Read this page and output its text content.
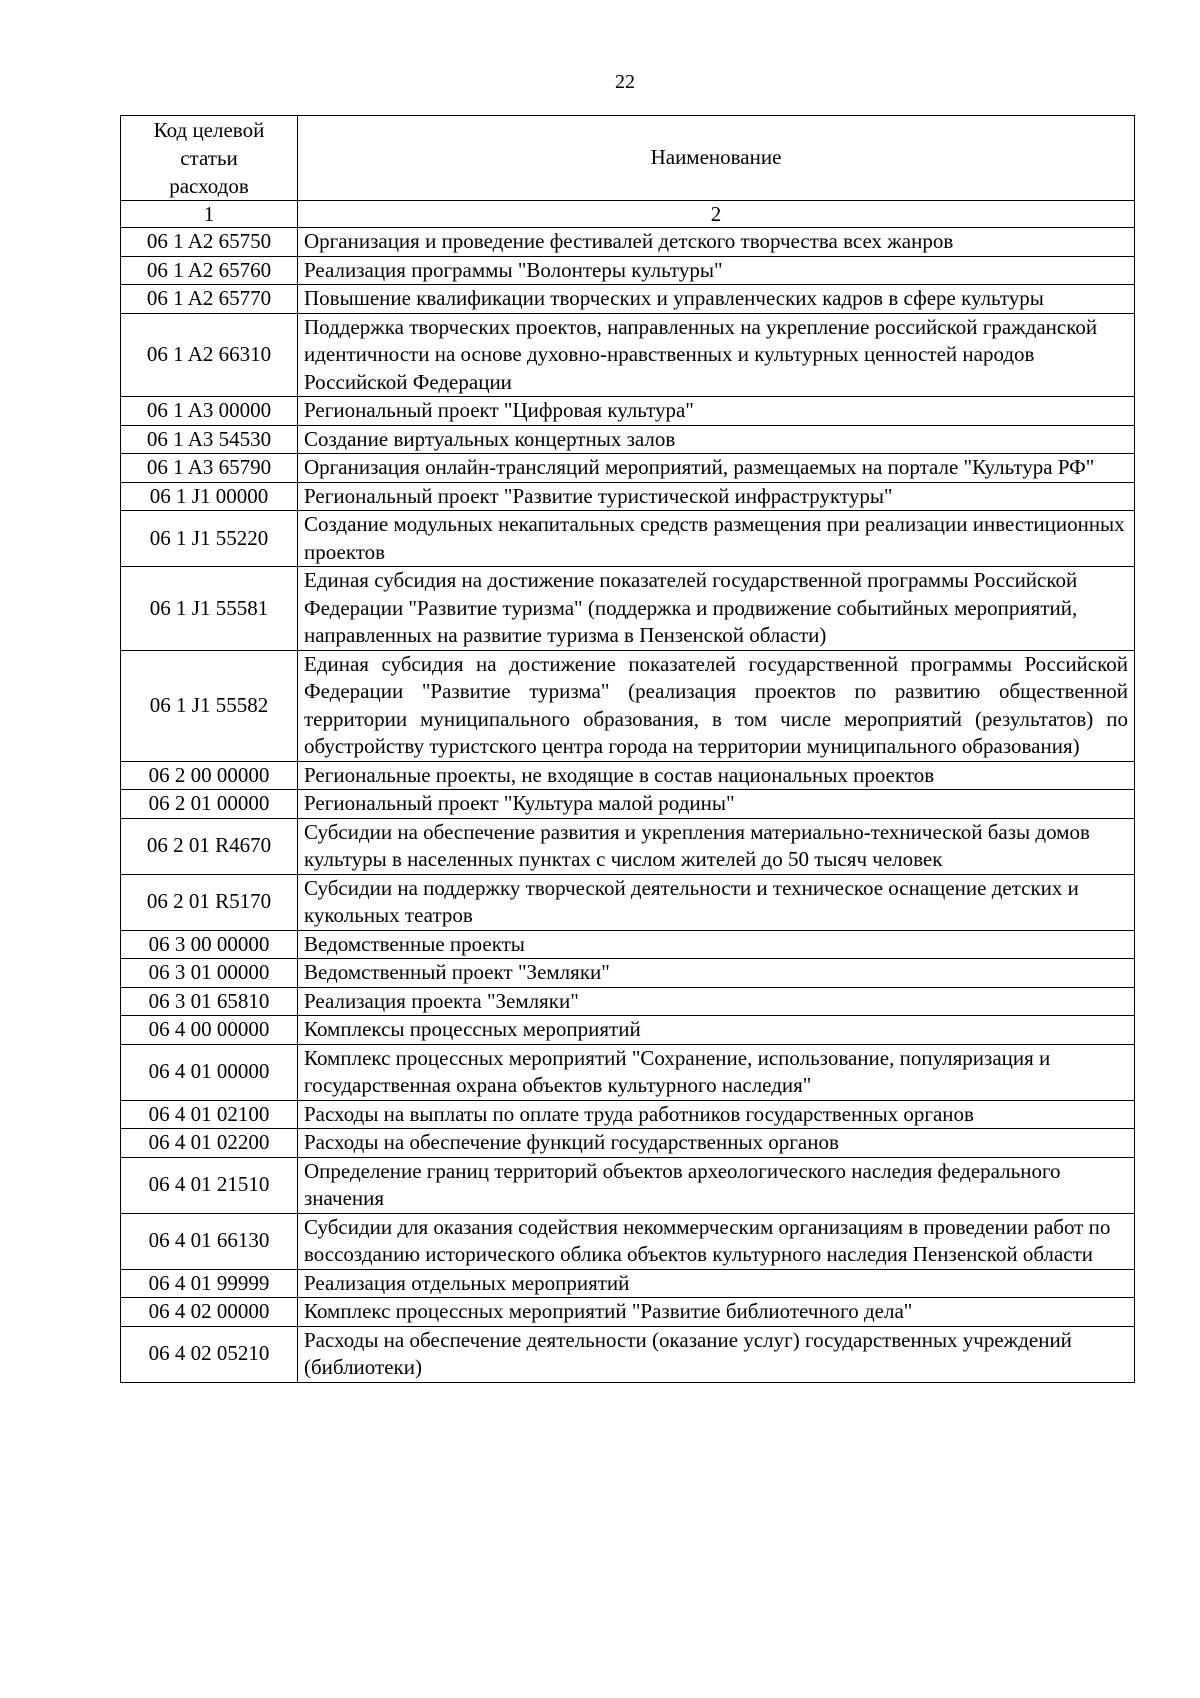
22
Код целевой
статьи
расходов	Наименование
1	2
06 1 A2 65750	Организация и проведение фестивалей детского творчества всех жанров
06 1 A2 65760	Реализация программы "Волонтеры культуры"
06 1 A2 65770	Повышение квалификации творческих и управленческих кадров в сфере культуры
06 1 A2 66310	Поддержка творческих проектов, направленных на укрепление российской гражданской идентичности на основе духовно-нравственных и культурных ценностей народов Российской Федерации
06 1 A3 00000	Региональный проект "Цифровая культура"
06 1 A3 54530	Создание виртуальных концертных залов
06 1 A3 65790	Организация онлайн-трансляций мероприятий, размещаемых на портале "Культура РФ"
06 1 J1 00000	Региональный проект "Развитие туристической инфраструктуры"
06 1 J1 55220	Создание модульных некапитальных средств размещения при реализации инвестиционных проектов
06 1 J1 55581	Единая субсидия на достижение показателей государственной программы Российской Федерации "Развитие туризма" (поддержка и продвижение событийных мероприятий, направленных на развитие туризма в Пензенской области)
06 1 J1 55582	Единая субсидия на достижение показателей государственной программы Российской Федерации "Развитие туризма" (реализация проектов по развитию общественной территории муниципального образования, в том числе мероприятий (результатов) по обустройству туристского центра города на территории муниципального образования)
06 2 00 00000	Региональные проекты, не входящие в состав национальных проектов
06 2 01 00000	Региональный проект "Культура малой родины"
06 2 01 R4670	Субсидии на обеспечение развития и укрепления материально-технической базы домов культуры в населенных пунктах с числом жителей до 50 тысяч человек
06 2 01 R5170	Субсидии на поддержку творческой деятельности и техническое оснащение детских и кукольных театров
06 3 00 00000	Ведомственные проекты
06 3 01 00000	Ведомственный проект "Земляки"
06 3 01 65810	Реализация проекта "Земляки"
06 4 00 00000	Комплексы процессных мероприятий
06 4 01 00000	Комплекс процессных мероприятий "Сохранение, использование, популяризация и государственная охрана объектов культурного наследия"
06 4 01 02100	Расходы на выплаты по оплате труда работников государственных органов
06 4 01 02200	Расходы на обеспечение функций государственных органов
06 4 01 21510	Определение границ территорий объектов археологического наследия федерального значения
06 4 01 66130	Субсидии для оказания содействия некоммерческим организациям в проведении работ по воссозданию исторического облика объектов культурного наследия Пензенской области
06 4 01 99999	Реализация отдельных мероприятий
06 4 02 00000	Комплекс процессных мероприятий "Развитие библиотечного дела"
06 4 02 05210	Расходы на обеспечение деятельности (оказание услуг) государственных учреждений (библиотеки)
